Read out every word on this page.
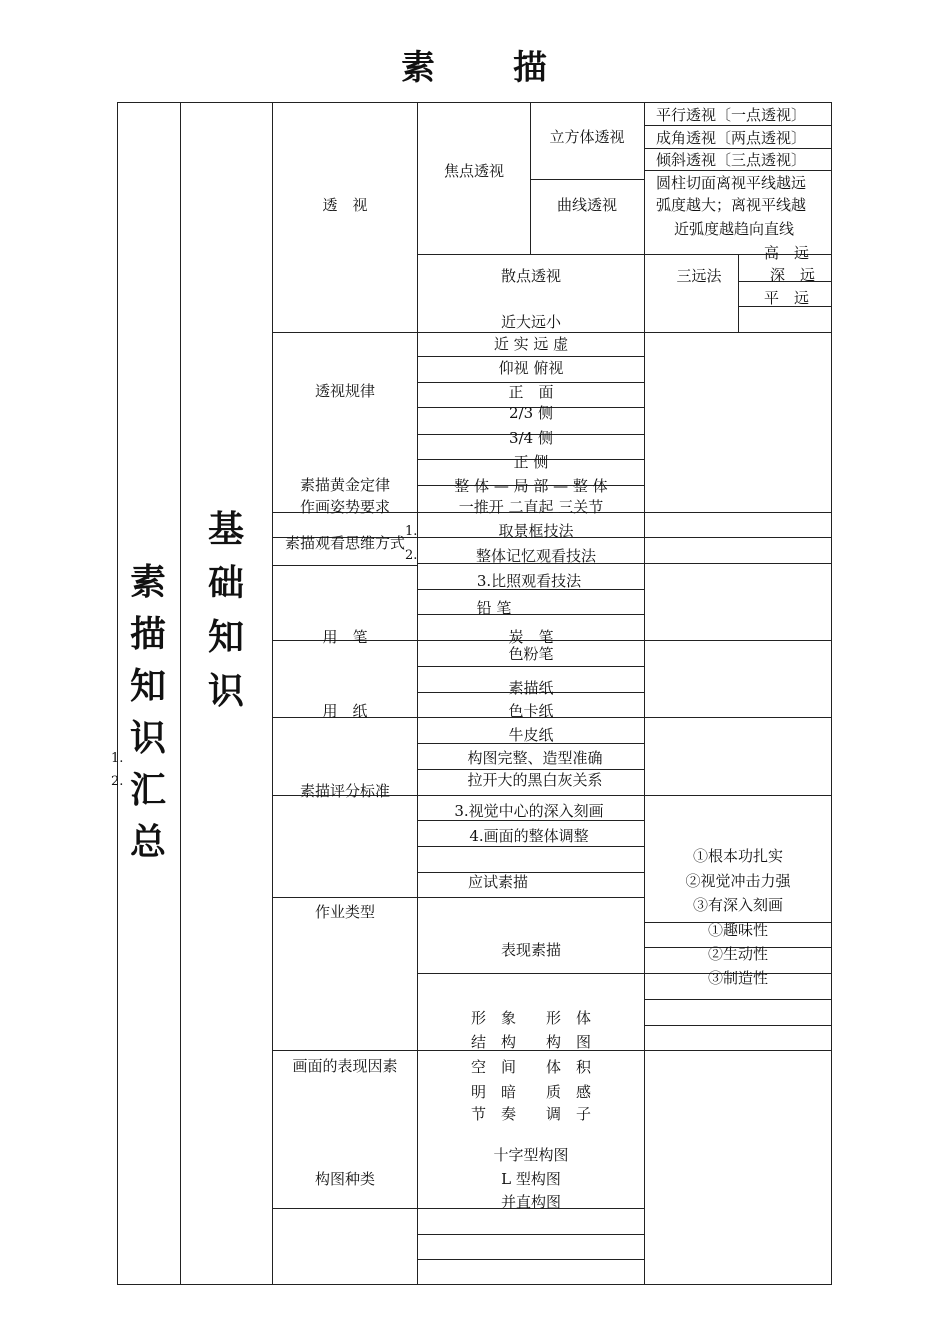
素 描
素
描
知
识
汇
总
1.
2.
基
础
知
识
透　视
透视规律
素描黄金定律
作画姿势要求
素描观看思维方式
用　笔
用　纸
素描评分标准
作业类型
画面的表现因素
构图种类
焦点透视
立方体透视
平行透视〔一点透视〕
成角透视〔两点透视〕
倾斜透视〔三点透视〕
曲线透视
圆柱切面离视平线越远
弧度越大；离视平线越
近弧度越趋向直线
散点透视	三远法
高　远
深　远
平　远
近大远小
近 实 远 虚
仰视 俯视
正　面
2/3 侧
3/4 侧
正 侧
整 体 — 局 部 — 整 体
一推开 二直起 三关节
1.
2.
取景框技法
整体记忆观看技法
3.比照观看技法
铅 笔
炭　笔
色粉笔
素描纸
色卡纸
牛皮纸
构图完整、造型准确
拉开大的黑白灰关系
3.视觉中心的深入刻画
4.画面的整体调整
应试素描
①根本功扎实
②视觉冲击力强
③有深入刻画
表现素描
①趣味性
②生动性
③制造性
形　象　　形　体
结　构　　构　图
空　间　　体　积
明　暗　　质　感
节　奏　　调　子
十字型构图
L 型构图
并直构图
